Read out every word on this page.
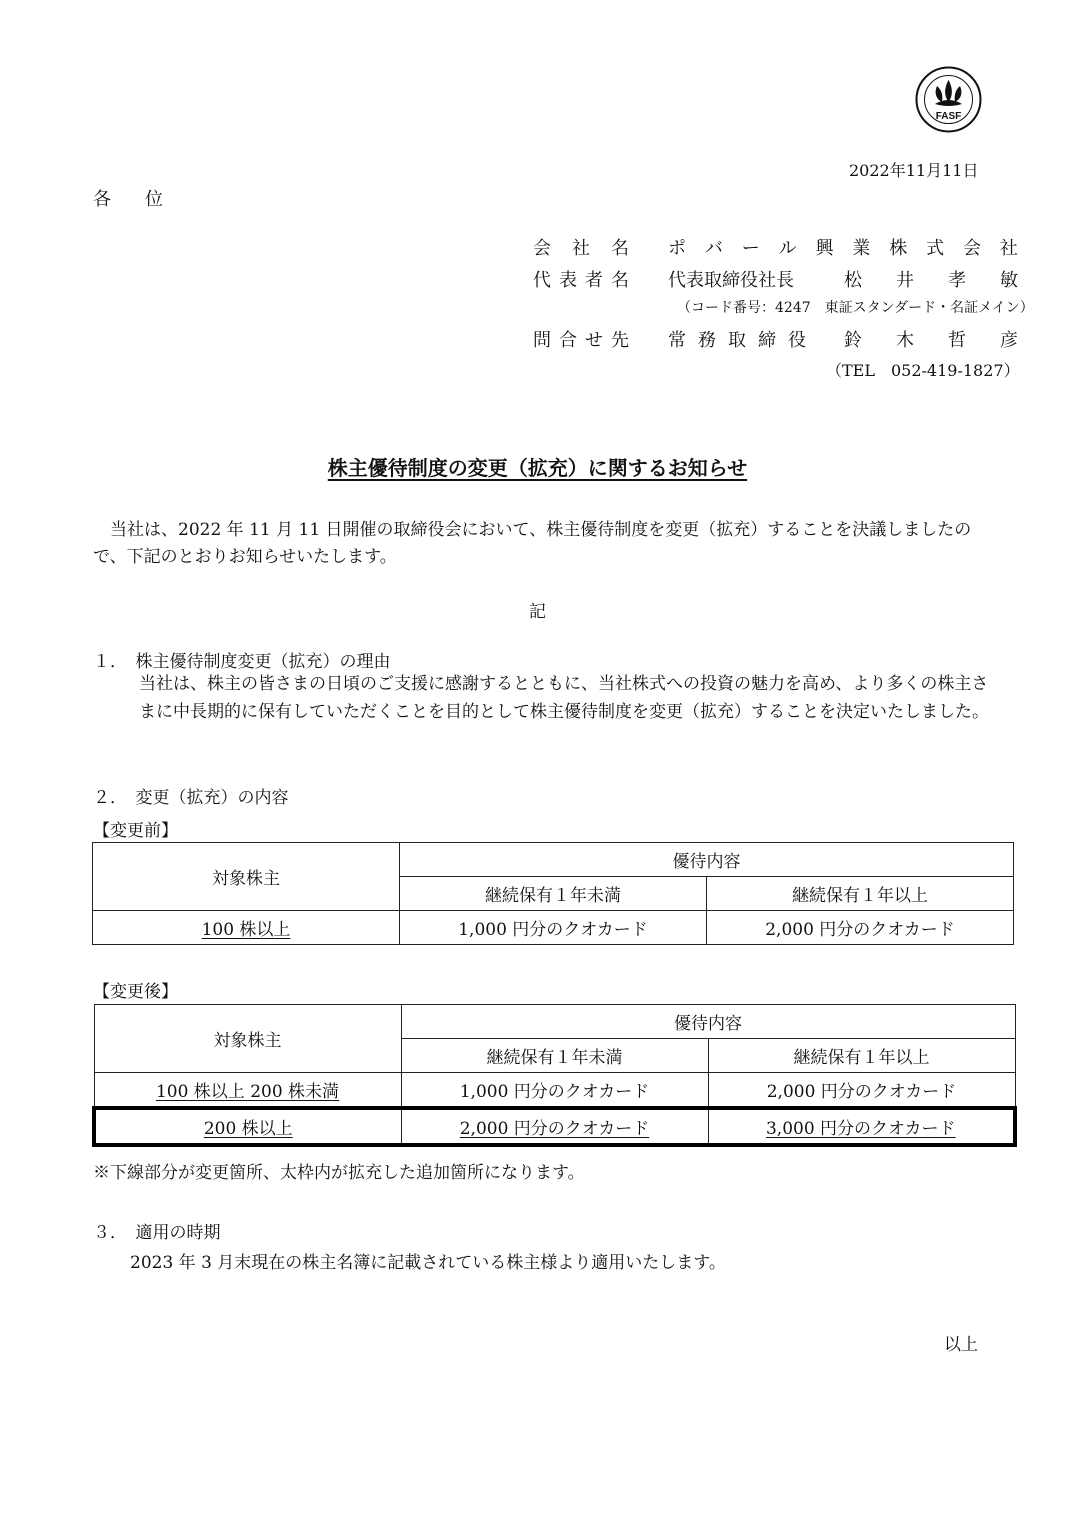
FASF
2022年11月11日
各位
会 社 名 ポ バ ー ル 興 業 株 式 会 社
代 表 者 名 代表取締役社長	松 井 孝 敏
（コード番号：4247　東証スタンダード・名証メイン）
問 合 せ 先 常 務 取 締 役 鈴 木 哲 彦
（TEL　052-419-1827）
株主優待制度の変更（拡充）に関するお知らせ
　当社は、2022 年 11 月 11 日開催の取締役会において、株主優待制度を変更（拡充）することを決議しましたので、下記のとおりお知らせいたします。
記
１．　株主優待制度変更（拡充）の理由
当社は、株主の皆さまの日頃のご支援に感謝するとともに、当社株式への投資の魅力を高め、より多くの株主さまに中長期的に保有していただくことを目的として株主優待制度を変更（拡充）することを決定いたしました。
２．　変更（拡充）の内容
【変更前】
対象株主	優待内容	
	継続保有１年未満	継続保有１年以上
100 株以上	1,000 円分のクオカード	2,000 円分のクオカード
【変更後】
対象株主	優待内容	
	継続保有１年未満	継続保有１年以上
100 株以上 200 株未満	1,000 円分のクオカード	2,000 円分のクオカード
200 株以上	2,000 円分のクオカード	3,000 円分のクオカード
※下線部分が変更箇所、太枠内が拡充した追加箇所になります。
３．　適用の時期
2023 年 3 月末現在の株主名簿に記載されている株主様より適用いたします。
以上
